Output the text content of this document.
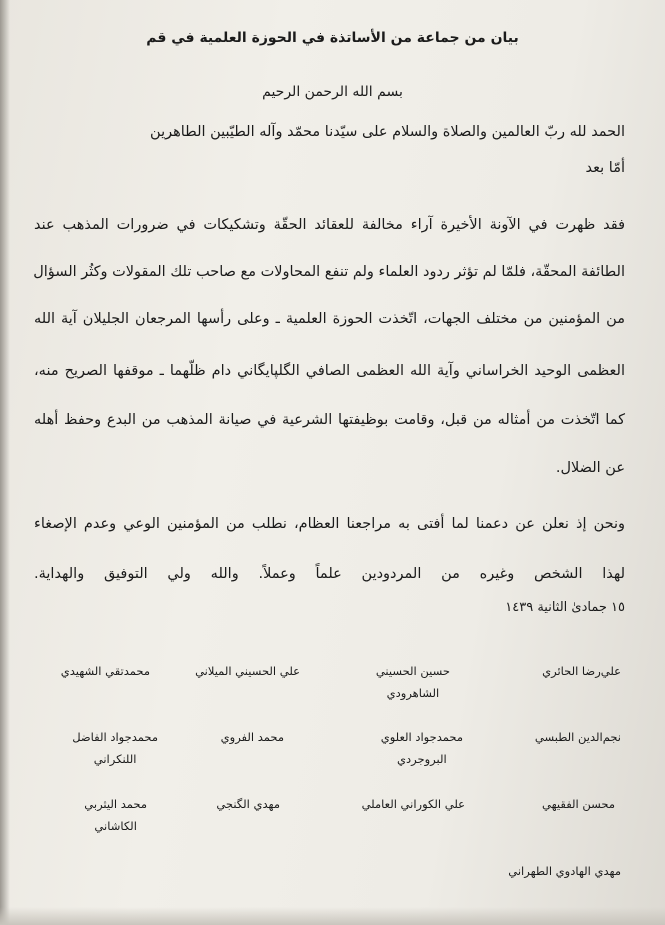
بيان من جماعة من الأساتذة في الحوزة العلمية في قم
بسم الله الرحمن الرحيم
الحمد لله ربّ العالمين والصلاة والسلام على سيّدنا محمّد وآله الطيّبين الطاهرين
أمّا بعد
فقد ظهرت في الآونة الأخيرة آراء مخالفة للعقائد الحقّة وتشكيكات في ضرورات المذهب عند
الطائفة المحقّة، فلمّا لم تؤثر ردود العلماء ولم تنفع المحاولات مع صاحب تلك المقولات وكثُر السؤال
من المؤمنين من مختلف الجهات، اتّخذت الحوزة العلمية ـ وعلى رأسها المرجعان الجليلان آية الله
العظمى الوحيد الخراساني وآية الله العظمى الصافي الگلپايگاني دام ظلّهما ـ موقفها الصريح منه،
كما اتّخذت من أمثاله من قبل، وقامت بوظيفتها الشرعية في صيانة المذهب من البدع وحفظ أهله
عن الضلال.
ونحن إذ نعلن عن دعمنا لما أفتى به مراجعنا العظام، نطلب من المؤمنين الوعي وعدم الإصغاء
لهذا الشخص وغيره من المردودين علماً وعملاً. والله ولي التوفيق والهداية.
١٥ جمادىٰ الثانية ١٤٣٩
علي‌رضا الحائري
حسين الحسيني
الشاهرودي
علي الحسيني الميلاني
محمدتقي الشهيدي
نجم‌الدين الطبسي
محمدجواد العلوي
البروجردي
محمد الفروي
محمدجواد الفاضل
اللنكراني
محسن الفقيهي
علي الكوراني العاملي
مهدي الگنجي
محمد اليثربي
الكاشاني
مهدي الهادوي الطهراني
